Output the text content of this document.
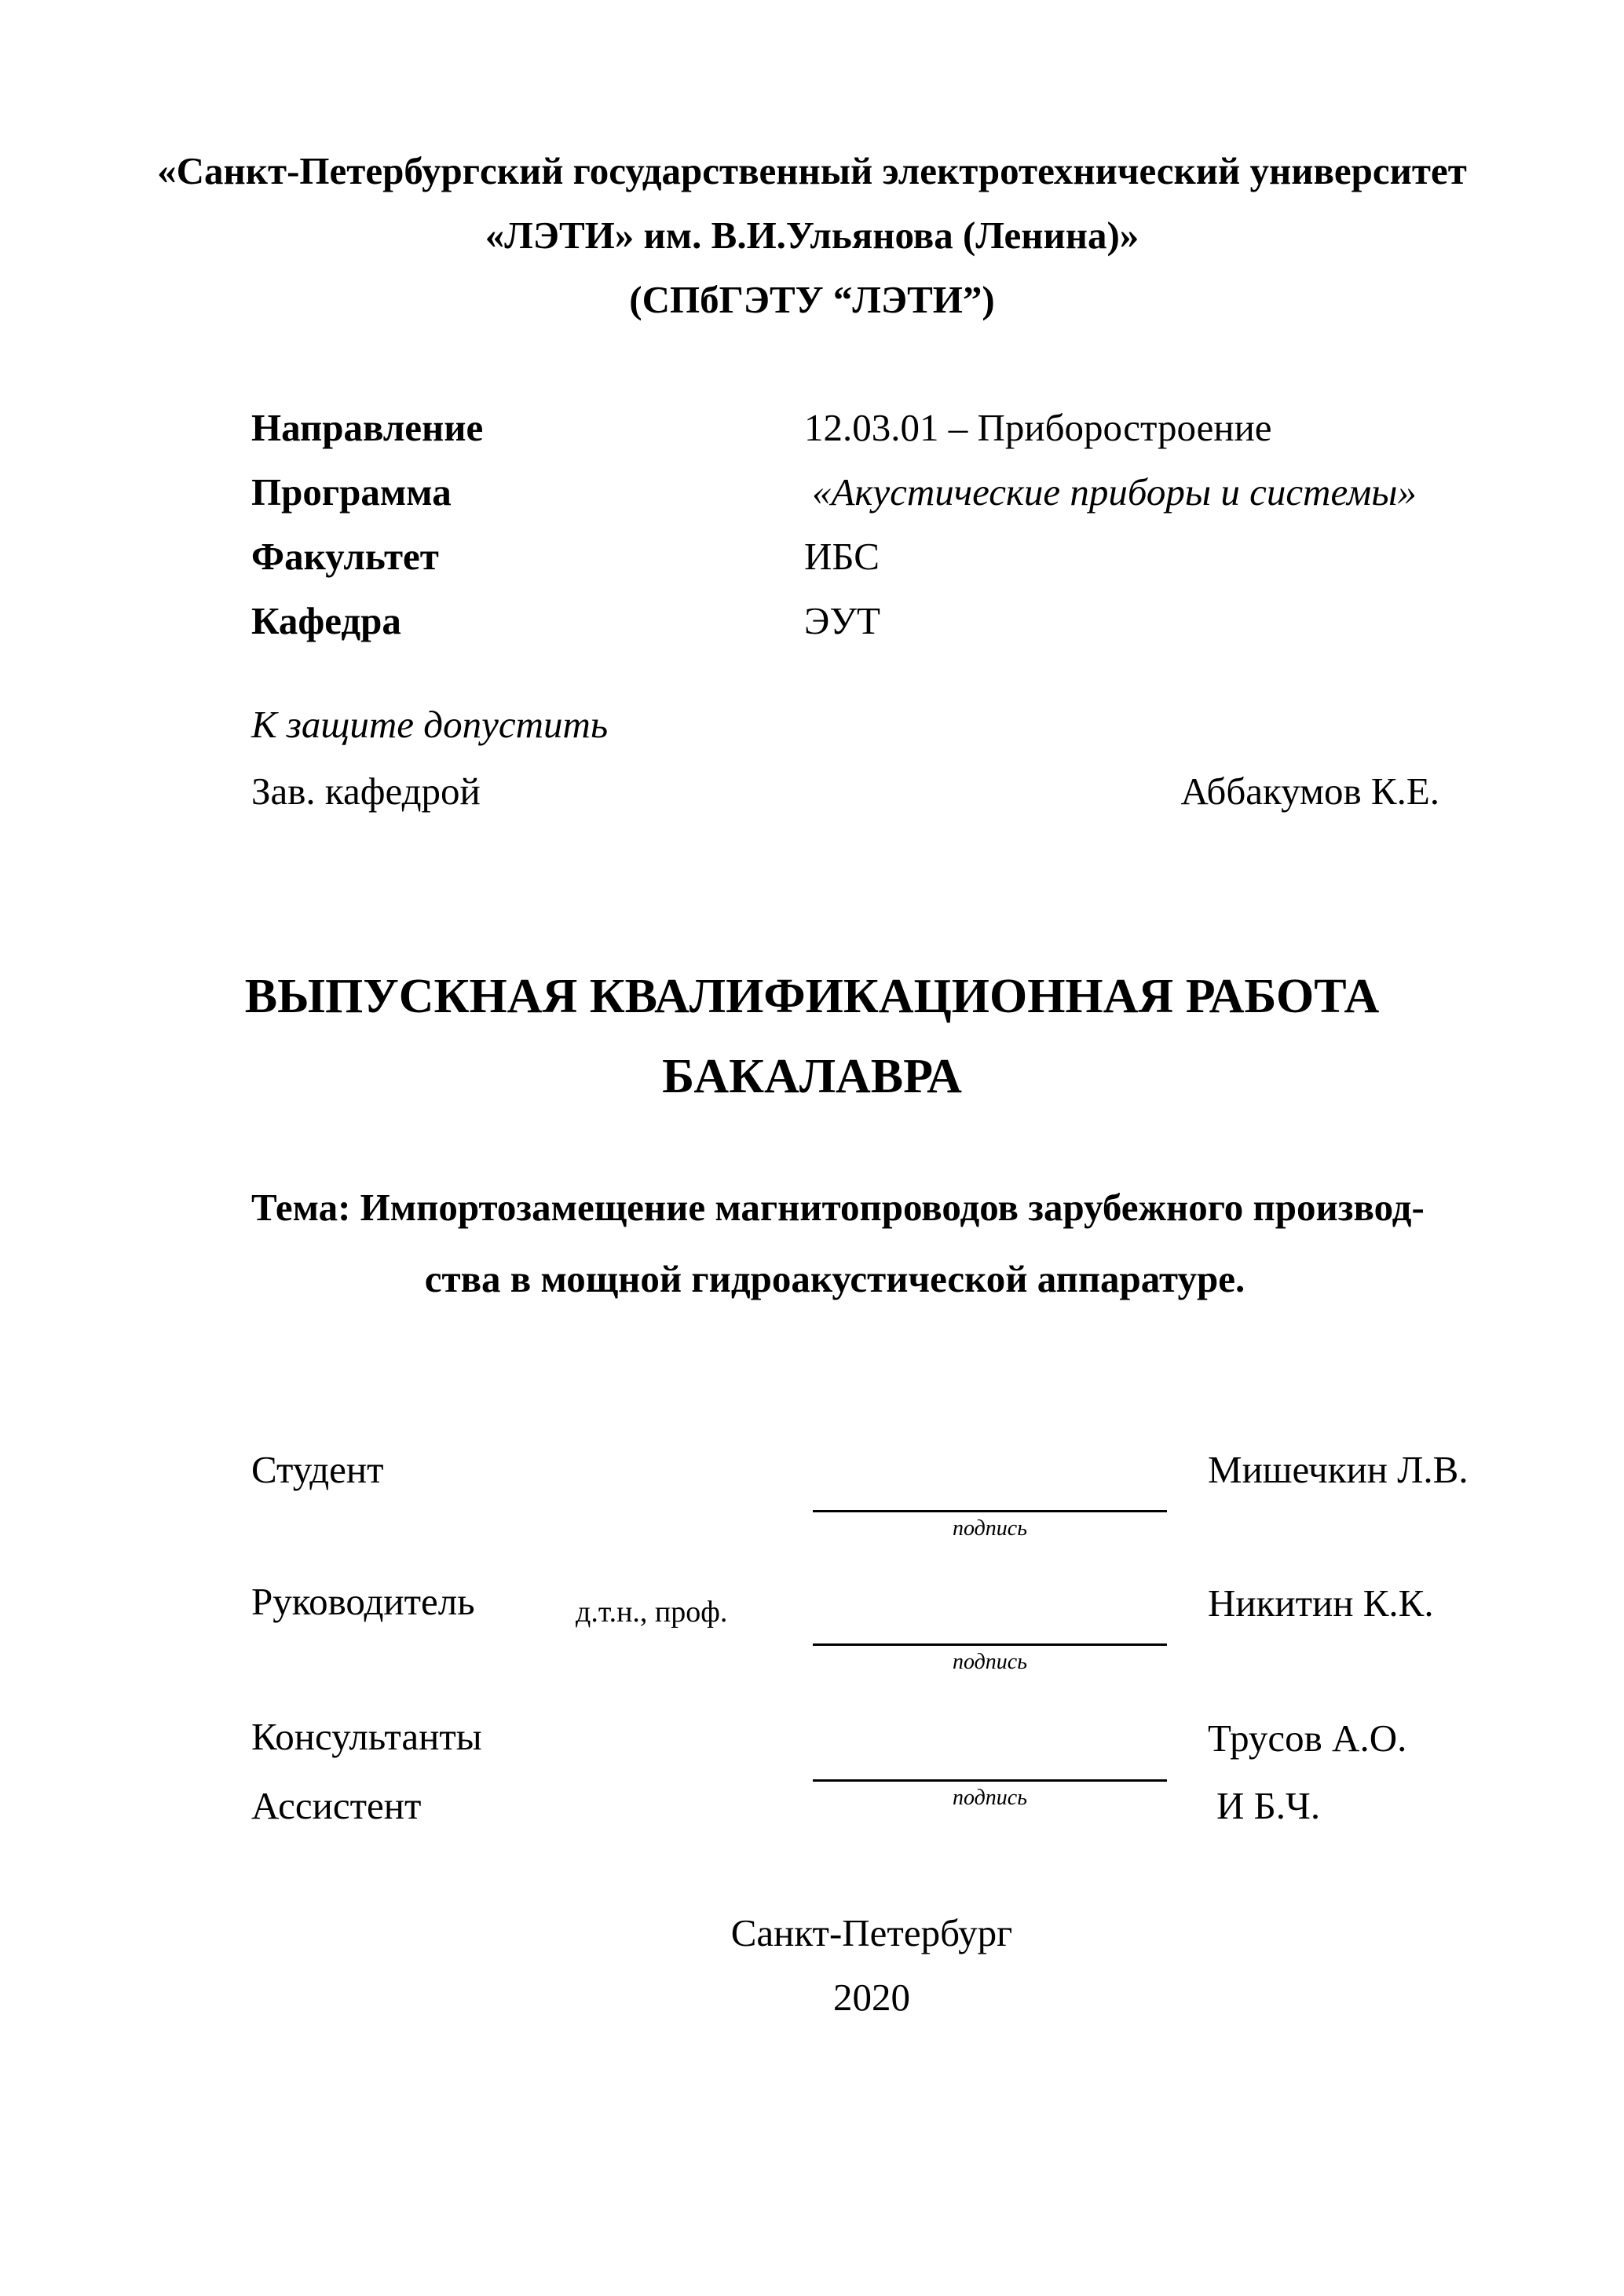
«Санкт-Петербургский государственный электротехнический университет
«ЛЭТИ» им. В.И.Ульянова (Ленина)»
(СПбГЭТУ “ЛЭТИ”)
Направление	12.03.01 – Приборостроение
Программа	«Акустические приборы и системы»
Факультет	ИБС
Кафедра	ЭУТ
К защите допустить
Зав. кафедрой	Аббакумов К.Е.
ВЫПУСКНАЯ КВАЛИФИКАЦИОННАЯ РАБОТА
БАКАЛАВРА
Тема: Импортозамещение магнитопроводов зарубежного производ-
ства в мощной гидроакустической аппаратуре.
Студент	Мишечкин Л.В.
подпись
Руководитель	д.т.н., проф.	Никитин К.К.
подпись
Консультанты	Трусов А.О.
подпись
Ассистент	И Б.Ч.
Санкт-Петербург
2020
